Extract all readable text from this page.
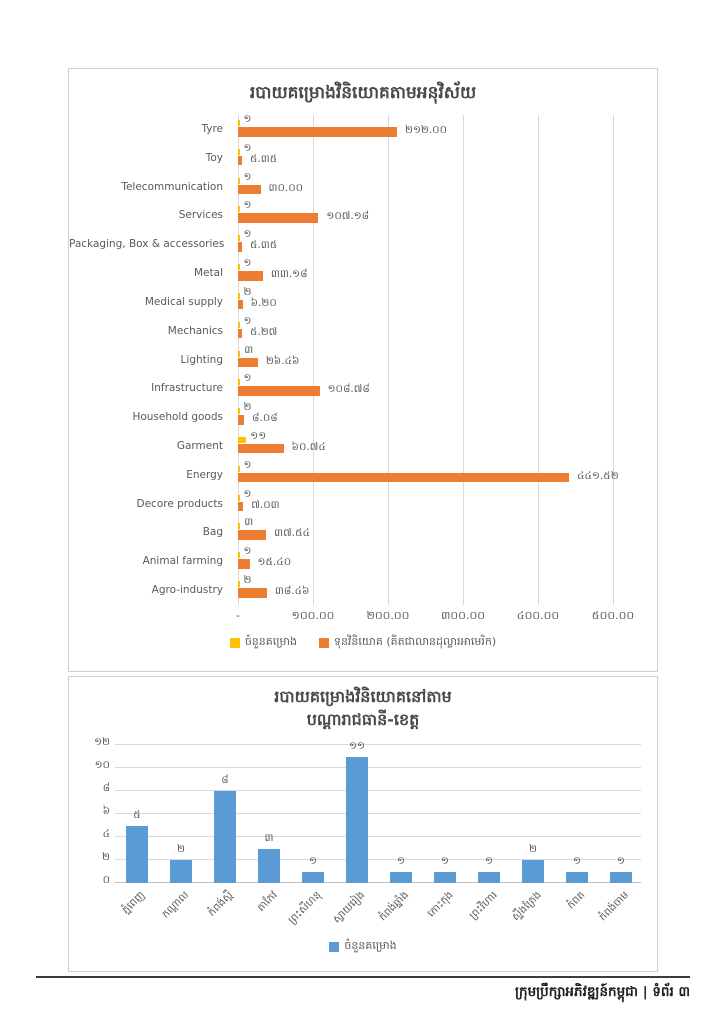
របាយគម្រោងវិនិយោគតាមអនុវិស័យ
Tyre
១
២១២.០០
Toy
១
៥.៣៥
Telecommunication
១
៣០.០០
Services
១
១០៧.១៨
Packaging, Box & accessories
១
៥.៣៥
Metal
១
៣៣.១៨
Medical supply
២
៦.២០
Mechanics
១
៥.២៧
Lighting
៣
២៦.៤៦
Infrastructure
១
១០៨.៧៨
Household goods
២
៨.០៨
Garment
១១
៦០.៧៤
Energy
១
៤៤១.៥២
Decore products
១
៧.០៣
Bag
៣
៣៧.៥៤
Animal farming
១
១៥.៤០
Agro-industry
២
៣៨.៤៦
-	១០០.០០	២០០.០០	៣០០.០០	៤០០.០០	៥០០.០០
ចំនួនគម្រោង	ទុនវិនិយោគ (គិតជាលានដុល្លារអាមេរិក)
របាយគម្រោងវិនិយោគនៅតាម
បណ្ដារាជធានី-ខេត្ត
០
២
៤
៦
៨
១០
១២
៥
២
៨
៣
១
១១
១	១	១
២
១	១
ភ្នំពេញ កណ្ដាល កំពង់ស្ពឺ តាកែវ ព្រះសីហនុ ស្វាយរៀង កំពង់ឆ្នាំង កោះកុង ព្រះវិហារ ស្ទឹងត្រែង កំពត កំពង់ចាម
ចំនួនគម្រោង
ក្រុមប្រឹក្សាអភិវឌ្ឍន៍កម្ពុជា | ទំព័រ ៣
